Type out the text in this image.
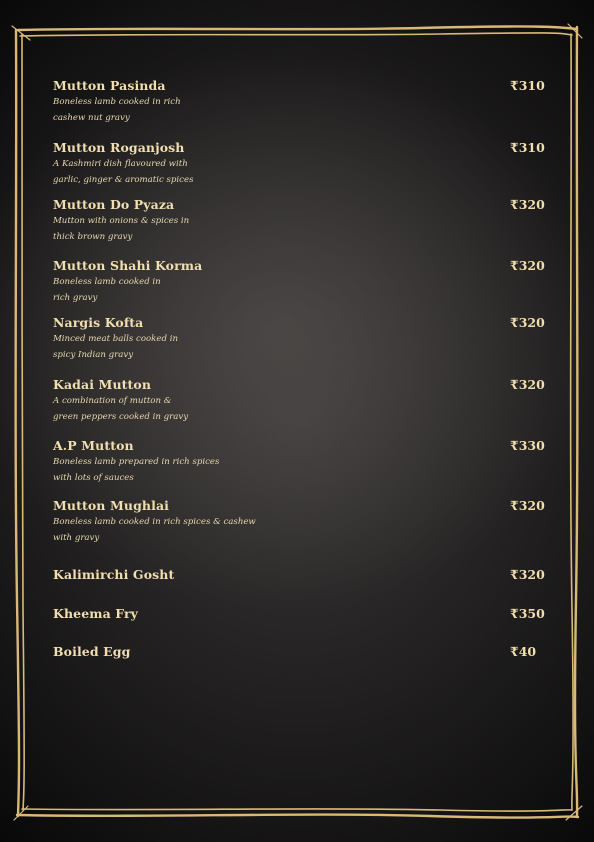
Mutton Pasinda	₹310
Boneless lamb cooked in rich
cashew nut gravy
Mutton Roganjosh	₹310
A Kashmiri dish flavoured with
garlic, ginger & aromatic spices
Mutton Do Pyaza	₹320
Mutton with onions & spices in
thick brown gravy
Mutton Shahi Korma	₹320
Boneless lamb cooked in
rich gravy
Nargis Kofta	₹320
Minced meat balls cooked in
spicy Indian gravy
Kadai Mutton	₹320
A combination of mutton &
green peppers cooked in gravy
A.P Mutton	₹330
Boneless lamb prepared in rich spices
with lots of sauces
Mutton Mughlai	₹320
Boneless lamb cooked in rich spices & cashew
with gravy
Kalimirchi Gosht	₹320
Kheema Fry	₹350
Boiled Egg	₹40
